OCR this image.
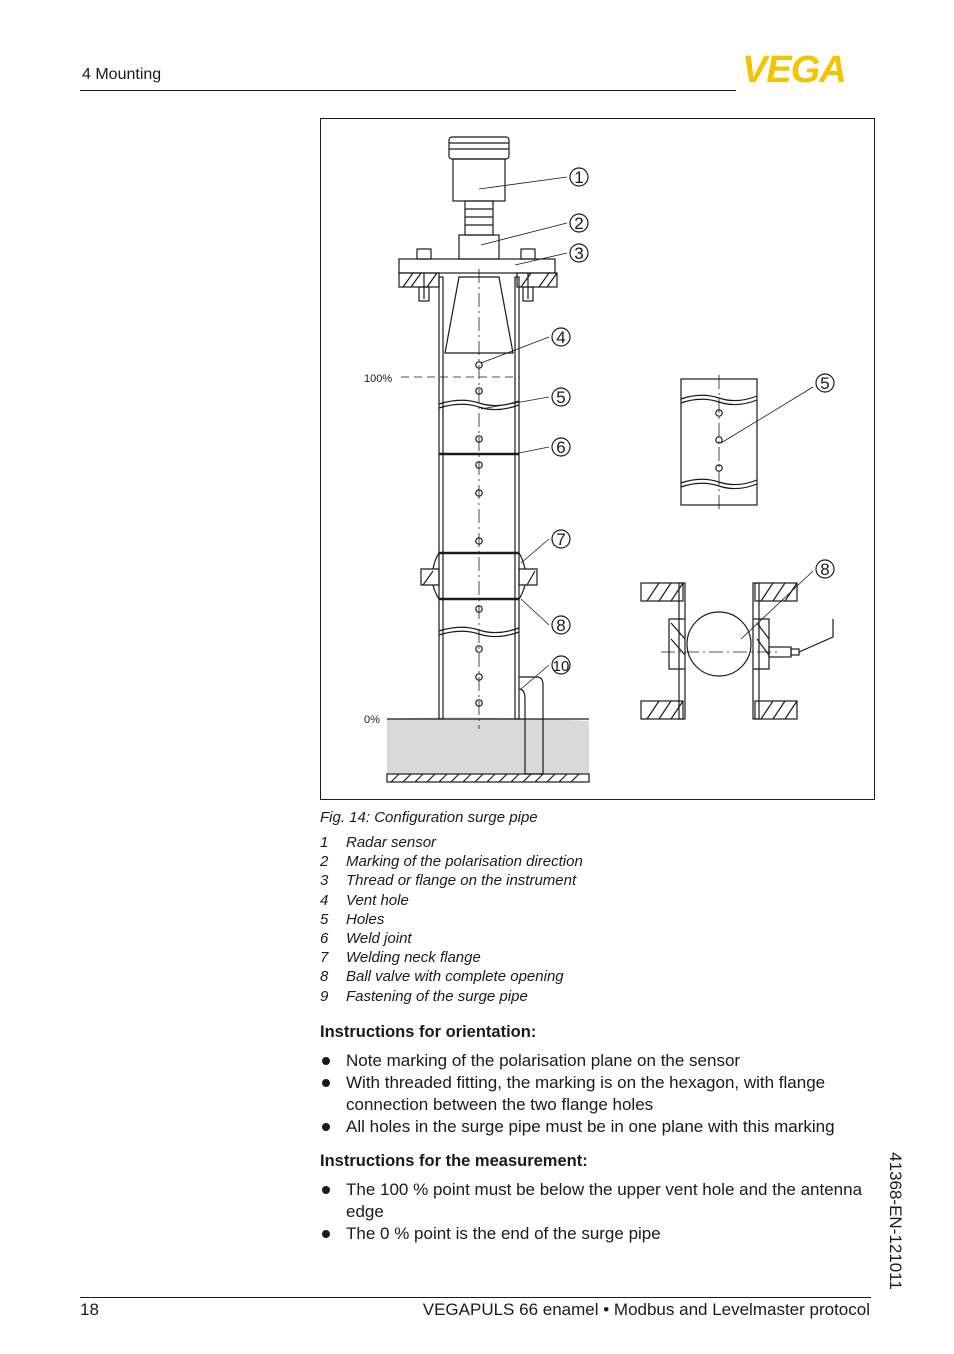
4 Mounting	VEGA
100%
0%
1
2
3
4
5
6
7
8
10
5
8
Fig. 14: Configuration surge pipe
1 Radar sensor
2 Marking of the polarisation direction
3 Thread or flange on the instrument
4 Vent hole
5 Holes
6 Weld joint
7 Welding neck flange
8 Ball valve with complete opening
9 Fastening of the surge pipe
Instructions for orientation:
Note marking of the polarisation plane on the sensor
With threaded fitting, the marking is on the hexagon, with flange connection between the two flange holes
All holes in the surge pipe must be in one plane with this marking
Instructions for the measurement:
The 100 % point must be below the upper vent hole and the antenna edge
The 0 % point is the end of the surge pipe	41368-EN-121011
18	VEGAPULS 66 enamel • Modbus and Levelmaster protocol
